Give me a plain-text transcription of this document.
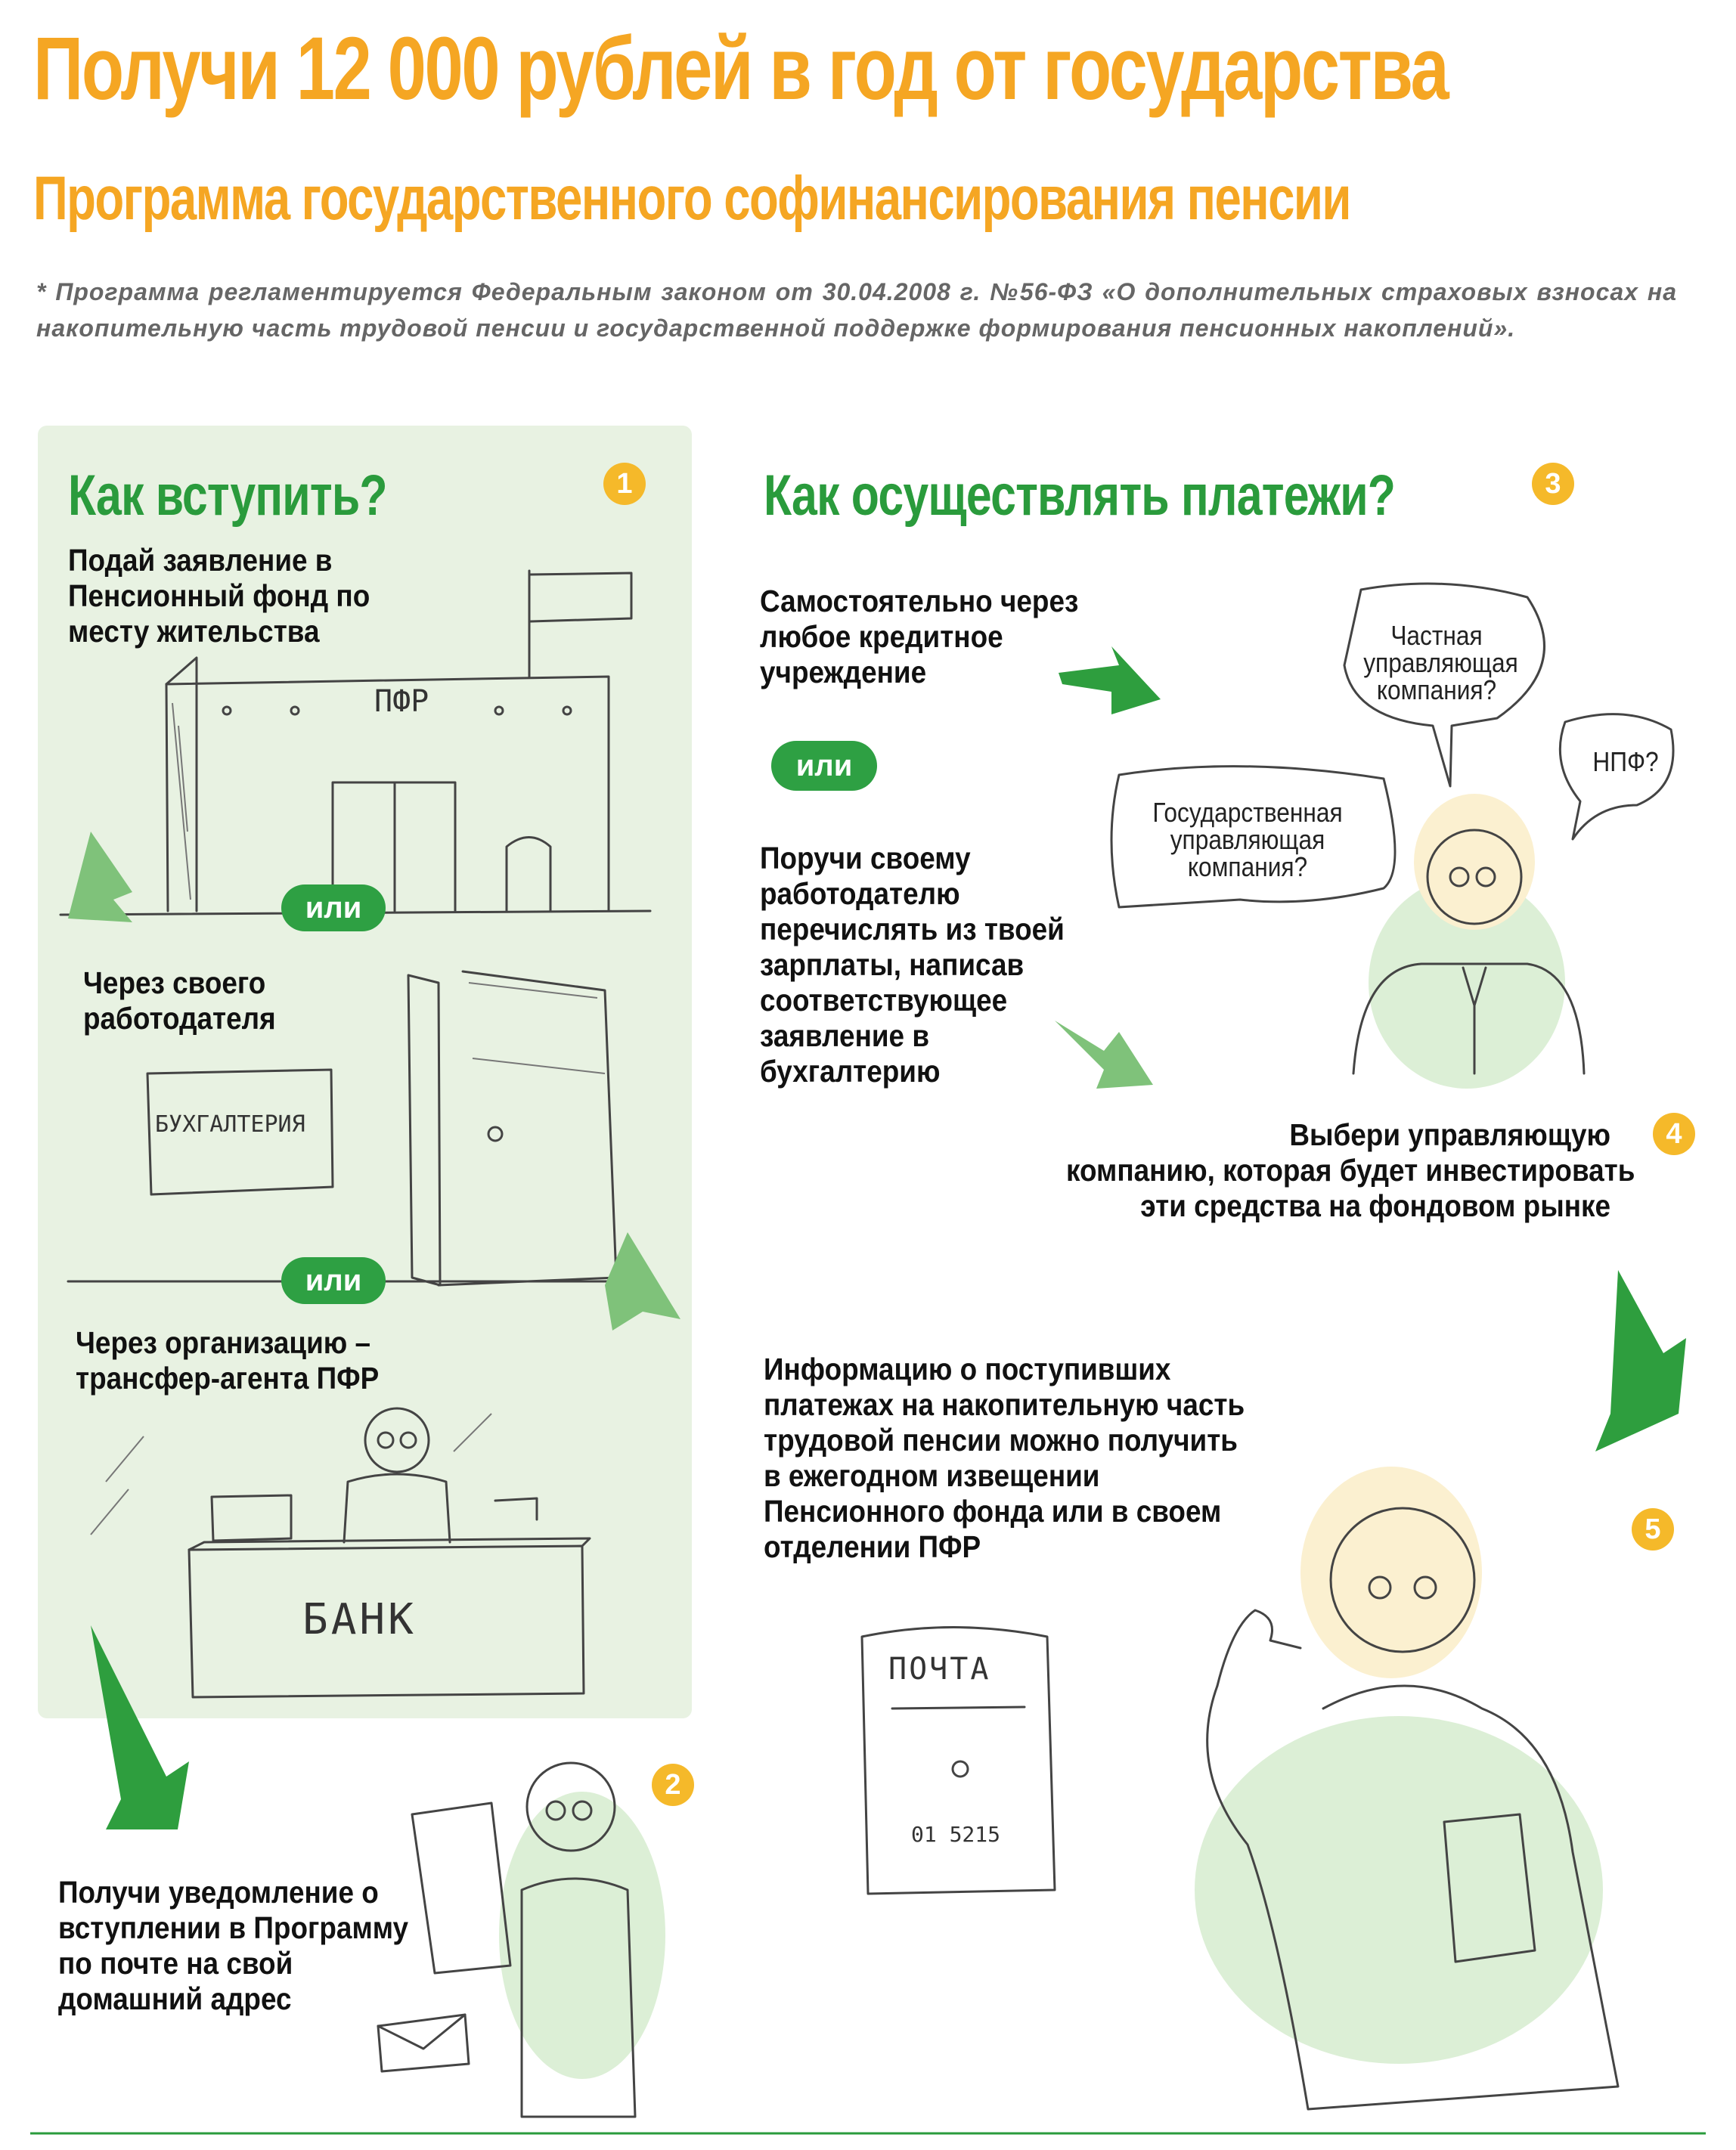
Получи 12 000 рублей в год от государства
Программа государственного софинансирования пенсии
* Программа регламентируется Федеральным законом от 30.04.2008 г. №56-ФЗ «О дополнительных страховых взносах на накопительную часть трудовой пенсии и государственной поддержке формирования пенсионных накоплений».
ПФР
БУХГАЛТЕРИЯ
БАНК
ПОЧТА
01 5215
Как вступить?	1
Подай заявление в
Пенсионный фонд по
месту жительства
или
Через своего
работодателя
или
Через организацию –
трансфер-агента ПФР
2
Получи уведомление о
вступлении в Программу
по почте на свой
домашний адрес
Как осуществлять платежи?	3
Самостоятельно через
любое кредитное
учреждение
или
Поручи своему
работодателю
перечислять из твоей
зарплаты, написав
соответствующее
заявление в
бухгалтерию
Частная
управляющая
компания?
НПФ?
Государственная
управляющая
компания?
4
Выбери управляющую
компанию, которая будет инвестировать
эти средства на фондовом рынке
5
Информацию о поступивших
платежах на накопительную часть
трудовой пенсии можно получить
в ежегодном извещении
Пенсионного фонда или в своем
отделении ПФР
